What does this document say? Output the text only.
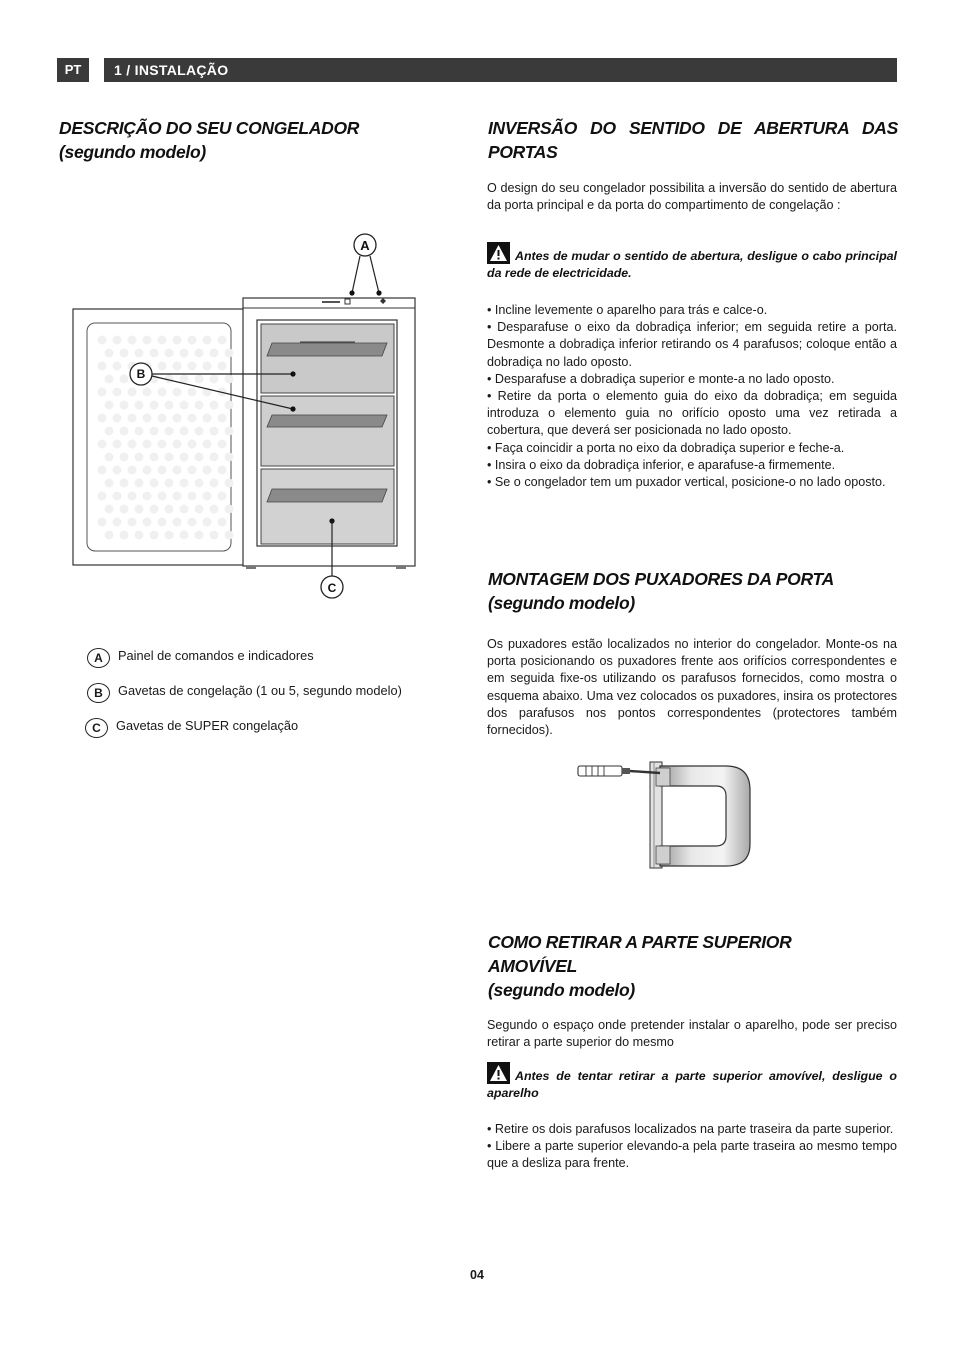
PT	1 / INSTALAÇÃO
DESCRIÇÃO DO SEU CONGELADOR
(segundo modelo)
A
B
C
A Painel de comandos e indicadores
B Gavetas de congelação (1 ou 5, segundo modelo)
C Gavetas de SUPER congelação
INVERSÃO DO SENTIDO DE ABERTURA DAS
PORTAS
O design do seu congelador possibilita a inversão do sentido de abertura da porta principal e da porta do compartimento de congelação :
Antes de mudar o sentido de abertura, desligue o cabo principal da rede de electricidade.
• Incline levemente o aparelho para trás e calce-o.
• Desparafuse o eixo da dobradiça inferior; em seguida retire a porta. Desmonte a dobradiça inferior retirando os 4 parafusos; coloque então a dobradiça no lado oposto.
• Desparafuse a dobradiça superior e monte-a no lado oposto.
• Retire da porta o elemento guia do eixo da dobradiça; em seguida introduza o elemento guia no orifício oposto uma vez retirada a cobertura, que deverá ser posicionada no lado oposto.
• Faça coincidir a porta no eixo da dobradiça superior e feche-a.
• Insira o eixo da dobradiça inferior, e aparafuse-a firmemente.
• Se o congelador tem um puxador vertical, posicione-o no lado oposto.
MONTAGEM DOS PUXADORES DA PORTA
(segundo modelo)
Os puxadores estão localizados no interior do congelador. Monte-os na porta posicionando os puxadores frente aos orifícios correspondentes e em seguida fixe-os utilizando os parafusos fornecidos, como mostra o esquema abaixo. Uma vez colocados os puxadores, insira os protectores dos parafusos nos pontos correspondentes (protectores também fornecidos).
COMO RETIRAR A PARTE SUPERIOR
AMOVÍVEL
(segundo modelo)
Segundo o espaço onde pretender instalar o aparelho, pode ser preciso retirar a parte superior do mesmo
Antes de tentar retirar a parte superior amovível, desligue o aparelho
• Retire os dois parafusos localizados na parte traseira da parte superior.
• Libere a parte superior elevando-a pela parte traseira ao mesmo tempo que a desliza para frente.
04
